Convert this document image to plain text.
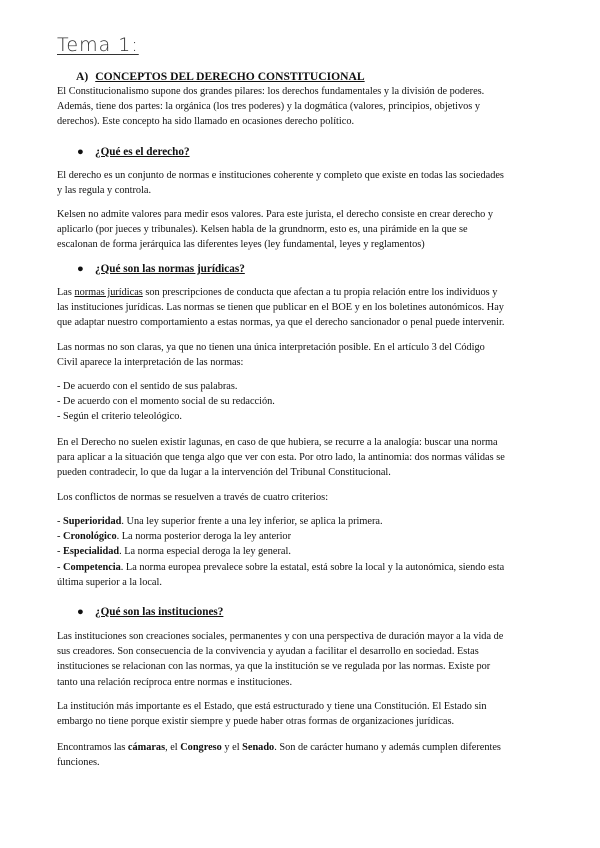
Tema 1:
A) CONCEPTOS DEL DERECHO CONSTITUCIONAL
El Constitucionalismo supone dos grandes pilares: los derechos fundamentales y la división de poderes.
Además, tiene dos partes: la orgánica (los tres poderes) y la dogmática (valores, principios, objetivos y
derechos). Este concepto ha sido llamado en ocasiones derecho político.
● ¿Qué es el derecho?
El derecho es un conjunto de normas e instituciones coherente y completo que existe en todas las sociedades
y las regula y controla.
Kelsen no admite valores para medir esos valores. Para este jurista, el derecho consiste en crear derecho y
aplicarlo (por jueces y tribunales). Kelsen habla de la grundnorm, esto es, una pirámide en la que se
escalonan de forma jerárquica las diferentes leyes (ley fundamental, leyes y reglamentos)
● ¿Qué son las normas jurídicas?
Las normas jurídicas son prescripciones de conducta que afectan a tu propia relación entre los individuos y
las instituciones jurídicas. Las normas se tienen que publicar en el BOE y en los boletines autonómicos. Hay
que adaptar nuestro comportamiento a estas normas, ya que el derecho sancionador o penal puede intervenir.
Las normas no son claras, ya que no tienen una única interpretación posible. En el artículo 3 del Código
Civil aparece la interpretación de las normas:
- De acuerdo con el sentido de sus palabras.
- De acuerdo con el momento social de su redacción.
- Según el criterio teleológico.
En el Derecho no suelen existir lagunas, en caso de que hubiera, se recurre a la analogía: buscar una norma
para aplicar a la situación que tenga algo que ver con esta. Por otro lado, la antinomia: dos normas válidas se
pueden contradecir, lo que da lugar a la intervención del Tribunal Constitucional.
Los conflictos de normas se resuelven a través de cuatro criterios:
- Superioridad. Una ley superior frente a una ley inferior, se aplica la primera.
- Cronológico. La norma posterior deroga la ley anterior
- Especialidad. La norma especial deroga la ley general.
- Competencia. La norma europea prevalece sobre la estatal, está sobre la local y la autonómica, siendo esta
última superior a la local.
● ¿Qué son las instituciones?
Las instituciones son creaciones sociales, permanentes y con una perspectiva de duración mayor a la vida de
sus creadores. Son consecuencia de la convivencia y ayudan a facilitar el desarrollo en sociedad. Estas
instituciones se relacionan con las normas, ya que la institución se ve regulada por las normas. Existe por
tanto una relación recíproca entre normas e instituciones.
La institución más importante es el Estado, que está estructurado y tiene una Constitución. El Estado sin
embargo no tiene porque existir siempre y puede haber otras formas de organizaciones jurídicas.
Encontramos las cámaras, el Congreso y el Senado. Son de carácter humano y además cumplen diferentes
funciones.
